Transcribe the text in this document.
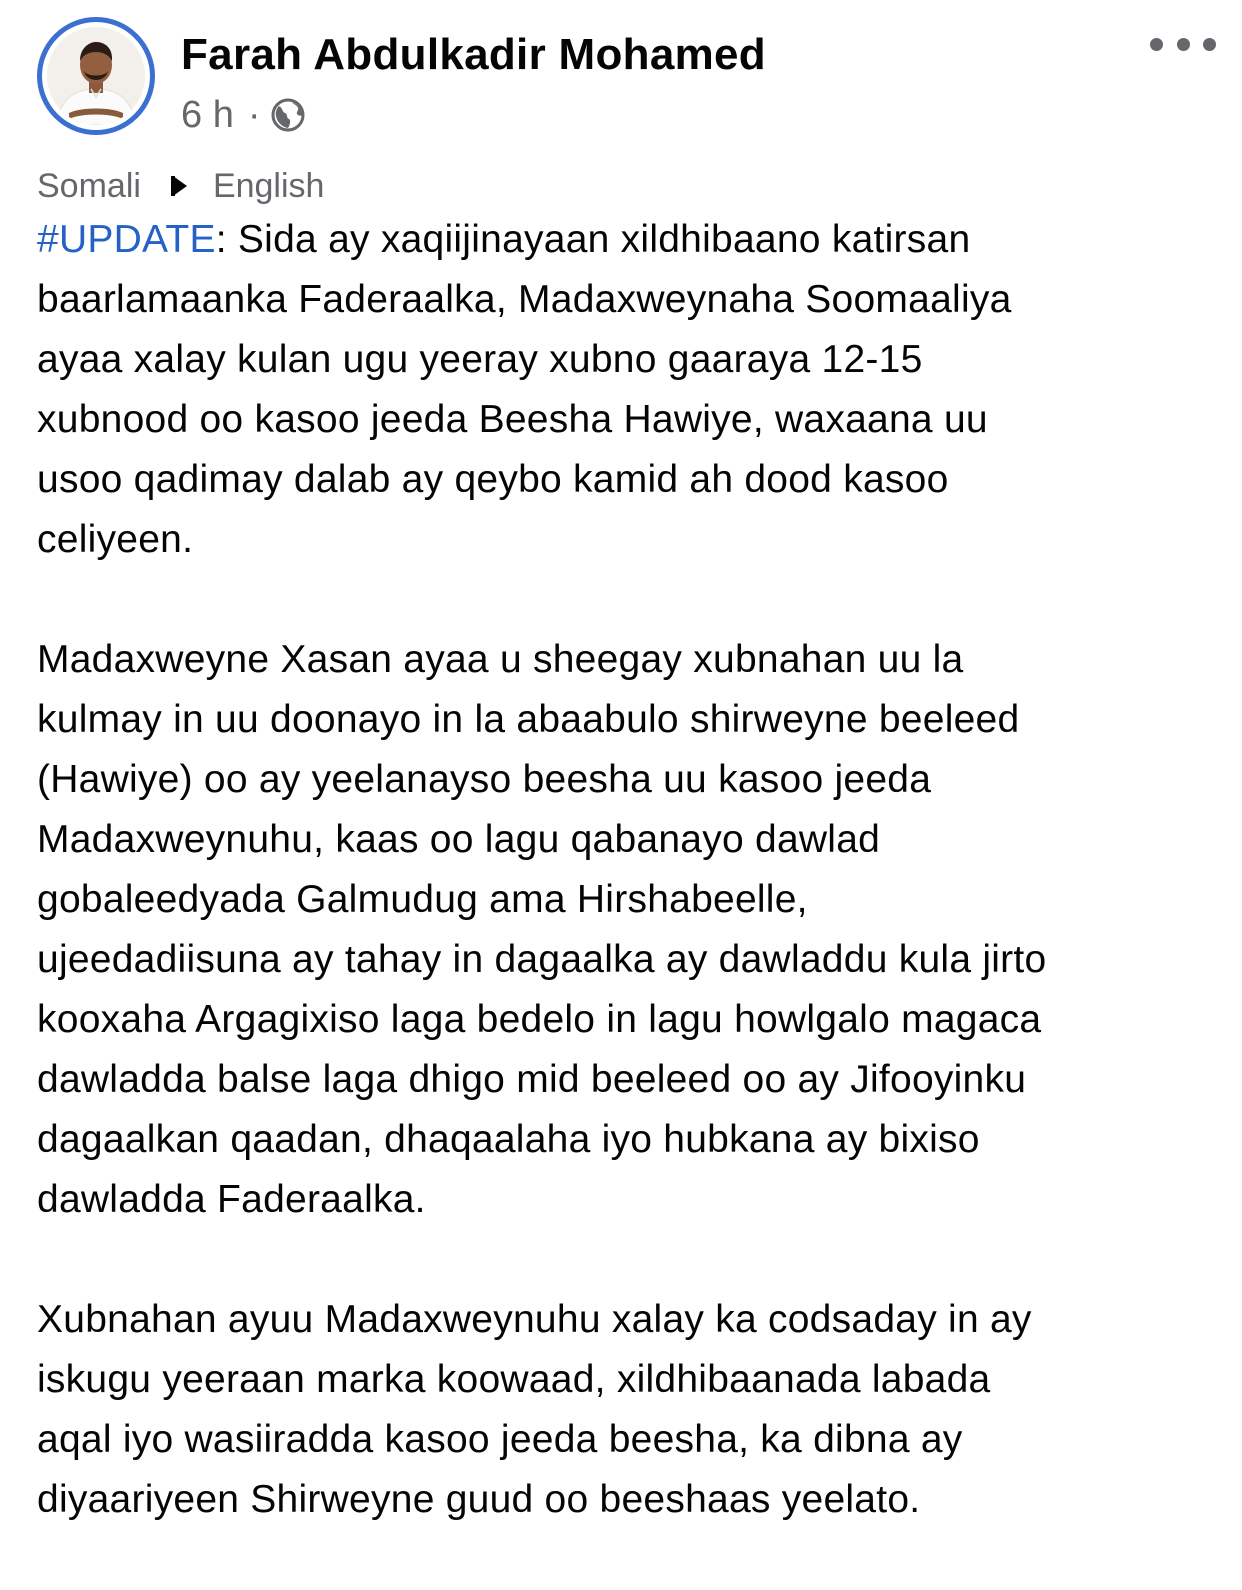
Farah Abdulkadir Mohamed
6 h ·
Somali English

#UPDATE: Sida ay xaqiijinayaan xildhibaano katirsan
baarlamaanka Faderaalka, Madaxweynaha Soomaaliya
ayaa xalay kulan ugu yeeray xubno gaaraya 12-15
xubnood oo kasoo jeeda Beesha Hawiye, waxaana uu
usoo qadimay dalab ay qeybo kamid ah dood kasoo
celiyeen.

Madaxweyne Xasan ayaa u sheegay xubnahan uu la
kulmay in uu doonayo in la abaabulo shirweyne beeleed
(Hawiye) oo ay yeelanayso beesha uu kasoo jeeda
Madaxweynuhu, kaas oo lagu qabanayo dawlad
gobaleedyada Galmudug ama Hirshabeelle,
ujeedadiisuna ay tahay in dagaalka ay dawladdu kula jirto
kooxaha Argagixiso laga bedelo in lagu howlgalo magaca
dawladda balse laga dhigo mid beeleed oo ay Jifooyinku
dagaalkan qaadan, dhaqaalaha iyo hubkana ay bixiso
dawladda Faderaalka.

Xubnahan ayuu Madaxweynuhu xalay ka codsaday in ay
iskugu yeeraan marka koowaad, xildhibaanada labada
aqal iyo wasiiradda kasoo jeeda beesha, ka dibna ay
diyaariyeen Shirweyne guud oo beeshaas yeelato.
